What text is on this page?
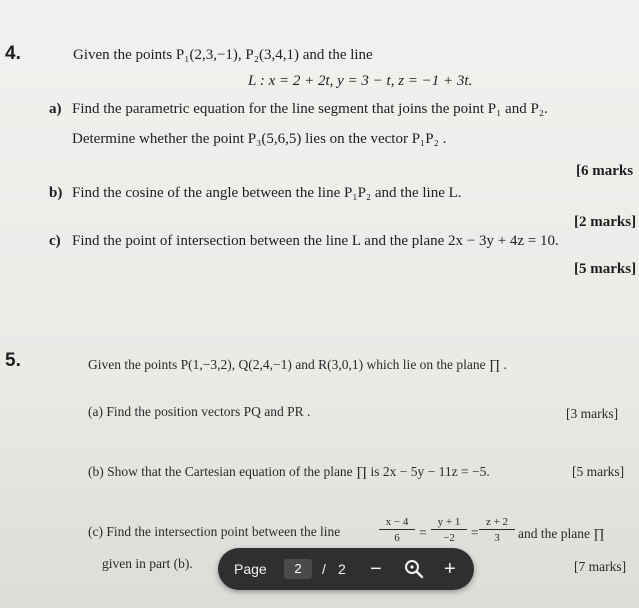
4.	Given the points P₁(2,3,−1), P₂(3,4,1) and the line
L : x = 2 + 2t, y = 3 − t, z = −1 + 3t.
a) Find the parametric equation for the line segment that joins the point P₁ and P₂.
Determine whether the point P₃(5,6,5) lies on the vector P₁P₂ .
[6 marks
b) Find the cosine of the angle between the line P₁P₂ and the line L.
[2 marks]
c) Find the point of intersection between the line L and the plane 2x − 3y + 4z = 10.
[5 marks]
5.	Given the points P(1,−3,2), Q(2,4,−1) and R(3,0,1) which lie on the plane ∏ .
(a) Find the position vectors PQ and PR .	[3 marks]
(b) Show that the Cartesian equation of the plane ∏ is 2x − 5y − 11z = −5.	[5 marks]
(c) Find the intersection point between the line	$\frac{x - 4}{6} = \frac{y + 1}{-2} = \frac{z + 2}{3}$ and the plane ∏
given in part (b).	[7 marks]
Page	2	/ 2 −	+
